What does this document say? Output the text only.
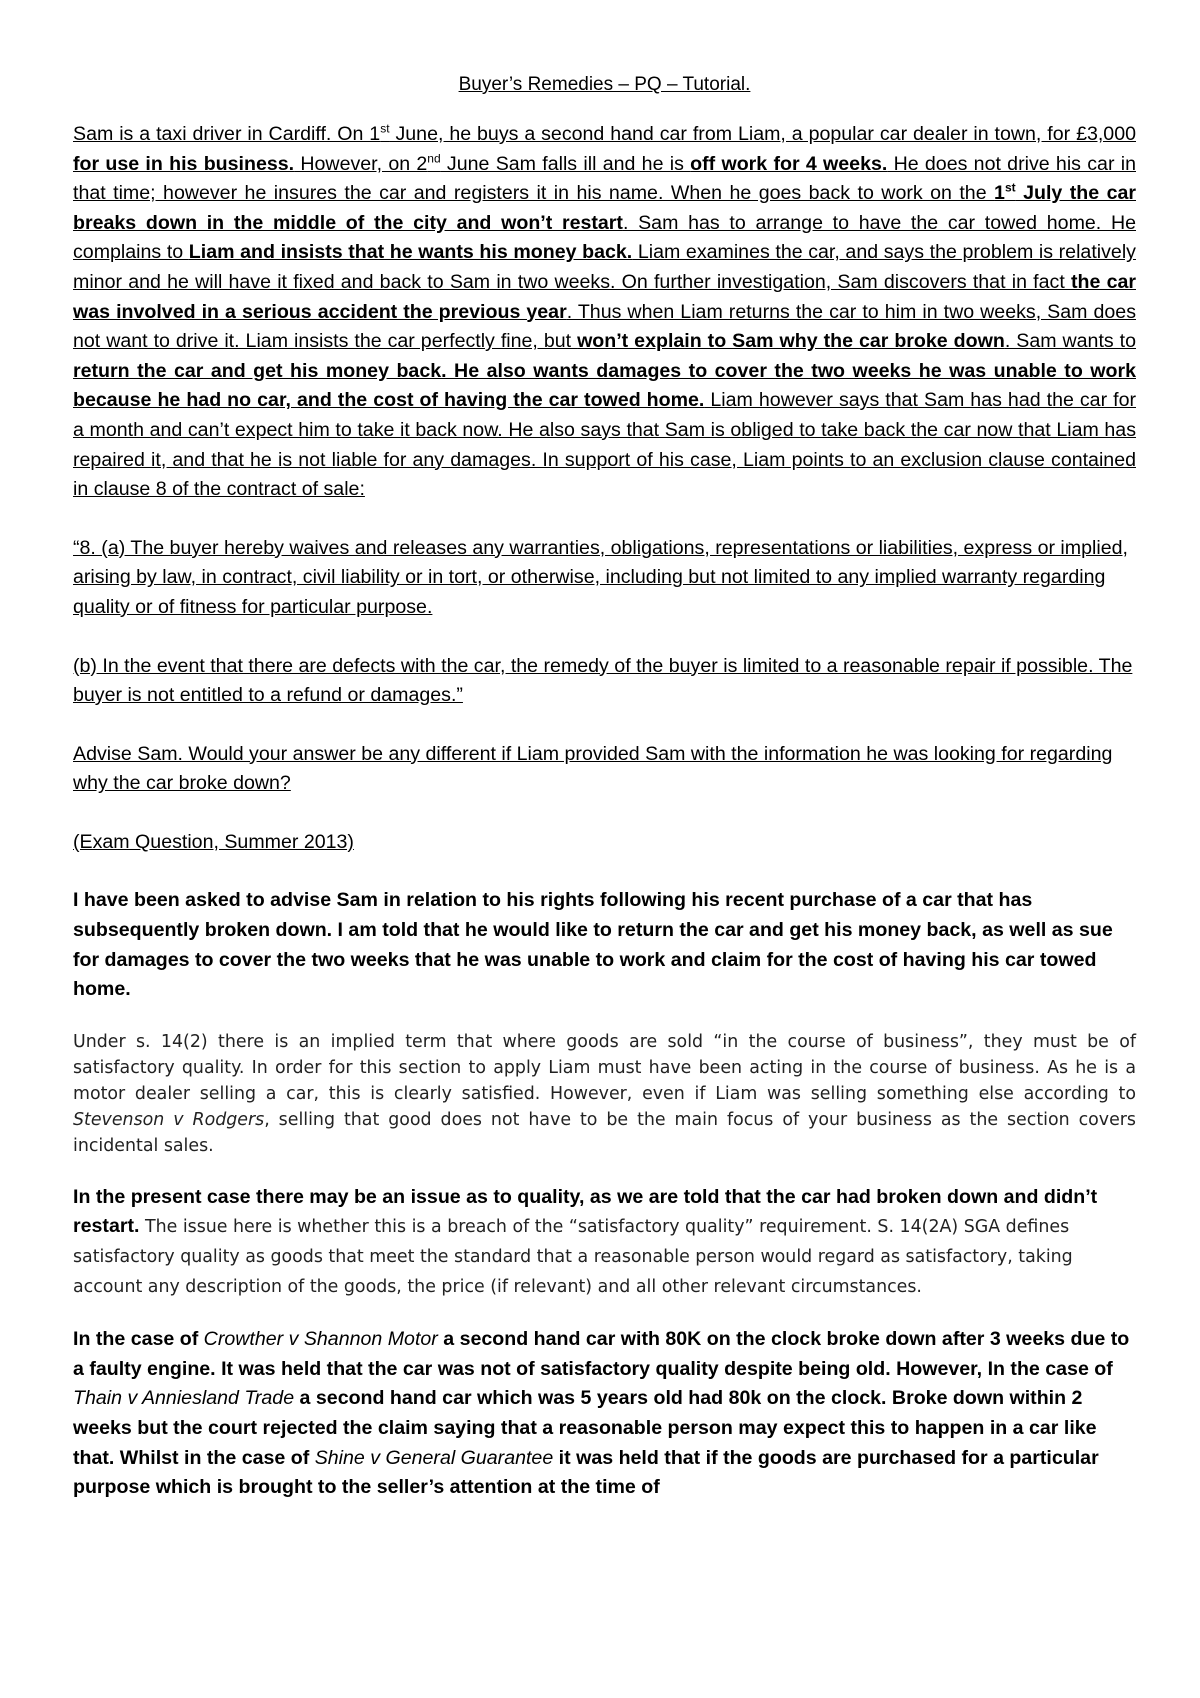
Buyer’s Remedies – PQ – Tutorial.

Sam is a taxi driver in Cardiff. On 1st June, he buys a second hand car from Liam, a popular car dealer in town, for £3,000 for use in his business. However, on 2nd June Sam falls ill and he is off work for 4 weeks. He does not drive his car in that time; however he insures the car and registers it in his name. When he goes back to work on the 1st July the car breaks down in the middle of the city and won’t restart. Sam has to arrange to have the car towed home. He complains to Liam and insists that he wants his money back. Liam examines the car, and says the problem is relatively minor and he will have it fixed and back to Sam in two weeks. On further investigation, Sam discovers that in fact the car was involved in a serious accident the previous year. Thus when Liam returns the car to him in two weeks, Sam does not want to drive it. Liam insists the car perfectly fine, but won’t explain to Sam why the car broke down. Sam wants to return the car and get his money back. He also wants damages to cover the two weeks he was unable to work because he had no car, and the cost of having the car towed home. Liam however says that Sam has had the car for a month and can’t expect him to take it back now. He also says that Sam is obliged to take back the car now that Liam has repaired it, and that he is not liable for any damages. In support of his case, Liam points to an exclusion clause contained in clause 8 of the contract of sale:

“8. (a) The buyer hereby waives and releases any warranties, obligations, representations or liabilities, express or implied, arising by law, in contract, civil liability or in tort, or otherwise, including but not limited to any implied warranty regarding quality or of fitness for particular purpose.

(b) In the event that there are defects with the car, the remedy of the buyer is limited to a reasonable repair if possible. The buyer is not entitled to a refund or damages.”

Advise Sam. Would your answer be any different if Liam provided Sam with the information he was looking for regarding why the car broke down?

(Exam Question, Summer 2013)

I have been asked to advise Sam in relation to his rights following his recent purchase of a car that has subsequently broken down. I am told that he would like to return the car and get his money back, as well as sue for damages to cover the two weeks that he was unable to work and claim for the cost of having his car towed home.

Under s. 14(2) there is an implied term that where goods are sold “in the course of business”, they must be of satisfactory quality. In order for this section to apply Liam must have been acting in the course of business. As he is a motor dealer selling a car, this is clearly satisfied. However, even if Liam was selling something else according to Stevenson v Rodgers, selling that good does not have to be the main focus of your business as the section covers incidental sales.

In the present case there may be an issue as to quality, as we are told that the car had broken down and didn’t restart. The issue here is whether this is a breach of the “satisfactory quality” requirement. S. 14(2A) SGA defines satisfactory quality as goods that meet the standard that a reasonable person would regard as satisfactory, taking account any description of the goods, the price (if relevant) and all other relevant circumstances.

In the case of Crowther v Shannon Motor a second hand car with 80K on the clock broke down after 3 weeks due to a faulty engine. It was held that the car was not of satisfactory quality despite being old. However, In the case of Thain v Anniesland Trade a second hand car which was 5 years old had 80k on the clock. Broke down within 2 weeks but the court rejected the claim saying that a reasonable person may expect this to happen in a car like that. Whilst in the case of Shine v General Guarantee it was held that if the goods are purchased for a particular purpose which is brought to the seller’s attention at the time of
